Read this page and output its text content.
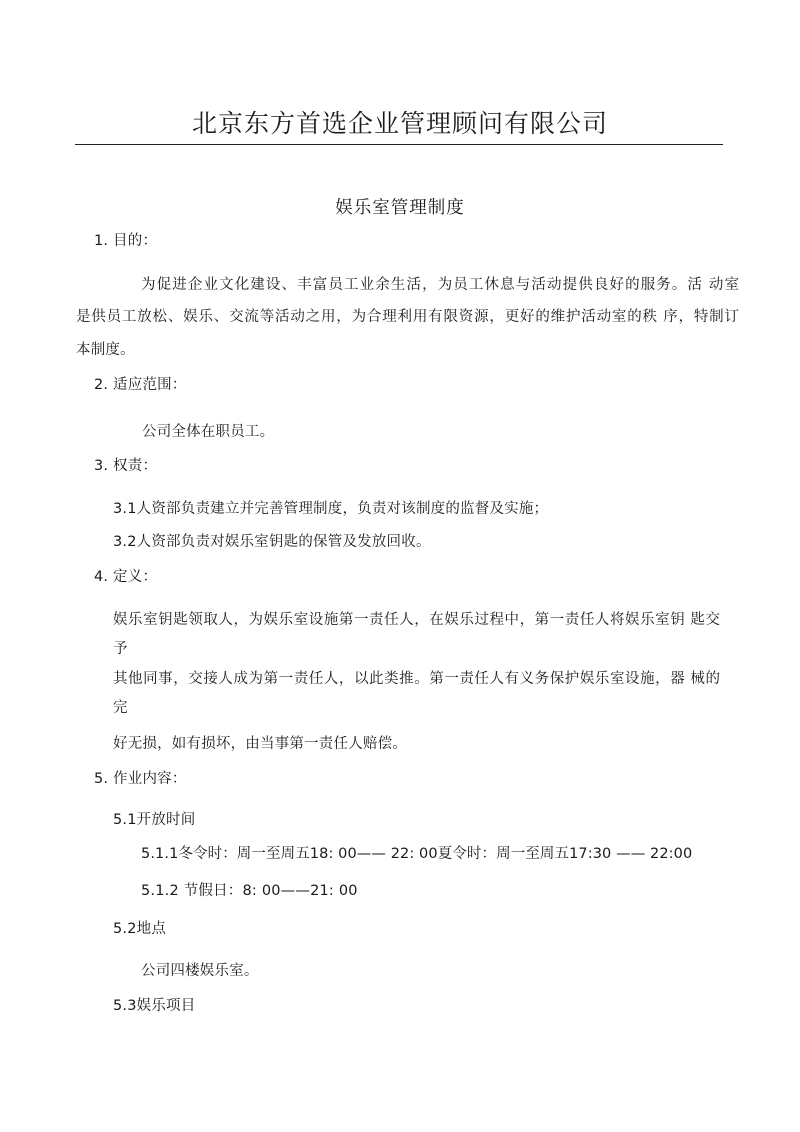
北京东方首选企业管理顾问有限公司
娱乐室管理制度
1. 目的：
为促进企业文化建设、丰富员工业余生活，为员工休息与活动提供良好的服务。活 动室
是供员工放松、娱乐、交流等活动之用，为合理利用有限资源，更好的维护活动室的秩 序，特制订
本制度。
2. 适应范围：
公司全体在职员工。
3. 权责：
3.1人资部负责建立并完善管理制度，负责对该制度的监督及实施；
3.2人资部负责对娱乐室钥匙的保管及发放回收。
4. 定义：
娱乐室钥匙领取人，为娱乐室设施第一责任人，在娱乐过程中，第一责任人将娱乐室钥 匙交
予
其他同事，交接人成为第一责任人，以此类推。第一责任人有义务保护娱乐室设施，器 械的
完
好无损，如有损坏，由当事第一责任人赔偿。
5. 作业内容：
5.1开放时间
5.1.1冬令时：周一至周五18: 00—— 22: 00夏令时：周一至周五17:30 —— 22:00
5.1.2 节假日：8: 00——21: 00
5.2地点
公司四楼娱乐室。
5.3娱乐项目
